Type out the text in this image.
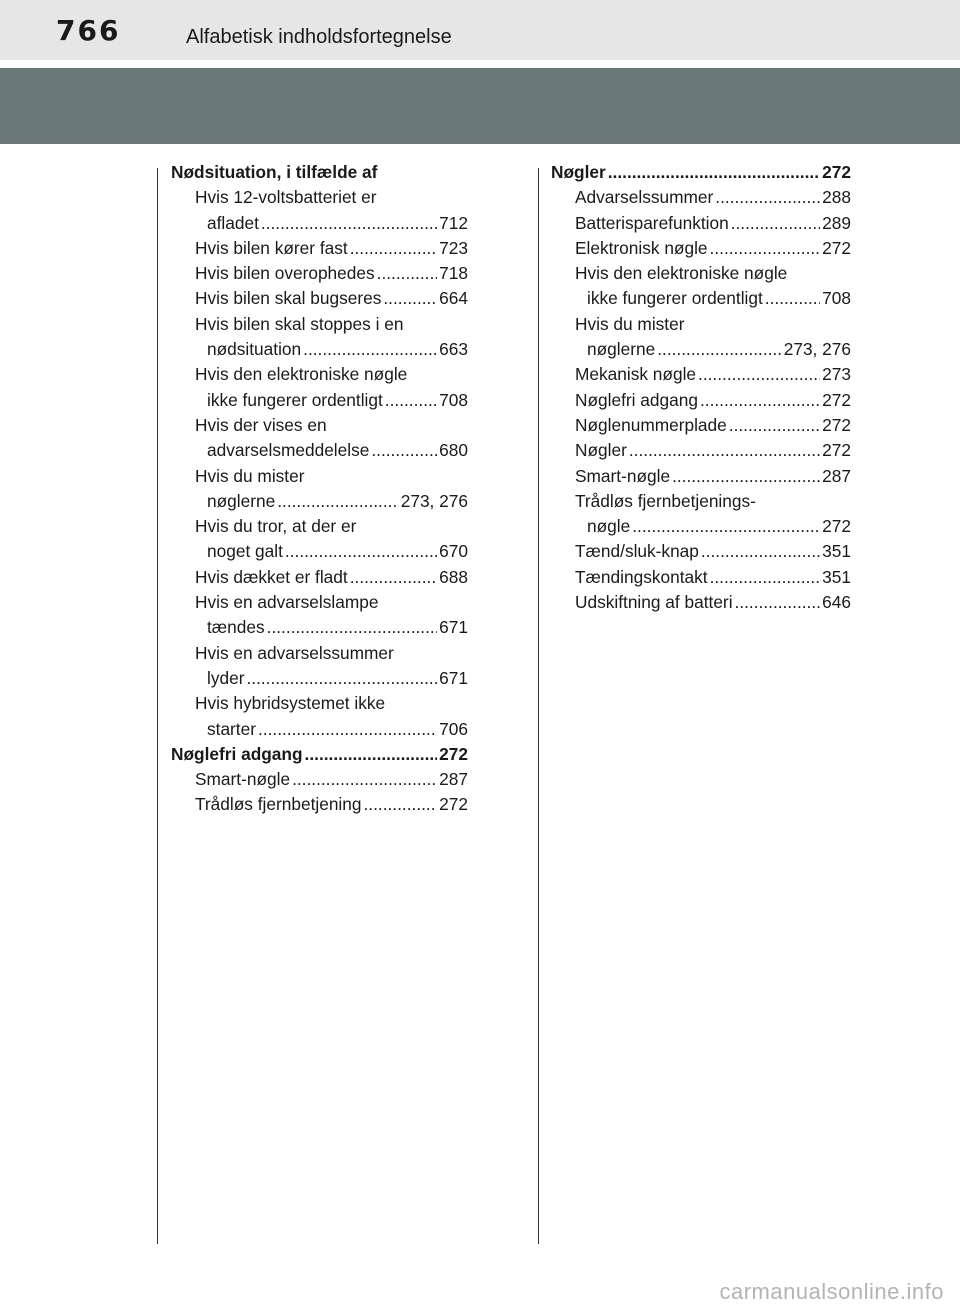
766	Alfabetisk indholdsfortegnelse
Nødsituation, i tilfælde af
Hvis 12-voltsbatteriet er
afladet .....	712
Hvis bilen kører fast .....	723
Hvis bilen overophedes .....	718
Hvis bilen skal bugseres .....	664
Hvis bilen skal stoppes i en
nødsituation .....	663
Hvis den elektroniske nøgle
ikke fungerer ordentligt .....	708
Hvis der vises en
advarselsmeddelelse .....	680
Hvis du mister
nøglerne .....	273, 276
Hvis du tror, at der er
noget galt .....	670
Hvis dækket er fladt .....	688
Hvis en advarselslampe
tændes .....	671
Hvis en advarselssummer
lyder .....	671
Hvis hybridsystemet ikke
starter .....	706
Nøglefri adgang .....	272
Smart-nøgle .....	287
Trådløs fjernbetjening .....	272
Nøgler .....	272
Advarselssummer .....	288
Batterisparefunktion .....	289
Elektronisk nøgle .....	272
Hvis den elektroniske nøgle
ikke fungerer ordentligt .....	708
Hvis du mister
nøglerne .....	273, 276
Mekanisk nøgle .....	273
Nøglefri adgang .....	272
Nøglenummerplade .....	272
Nøgler .....	272
Smart-nøgle .....	287
Trådløs fjernbetjenings-
nøgle .....	272
Tænd/sluk-knap .....	351
Tændingskontakt .....	351
Udskiftning af batteri .....	646
carmanualsonline.info
